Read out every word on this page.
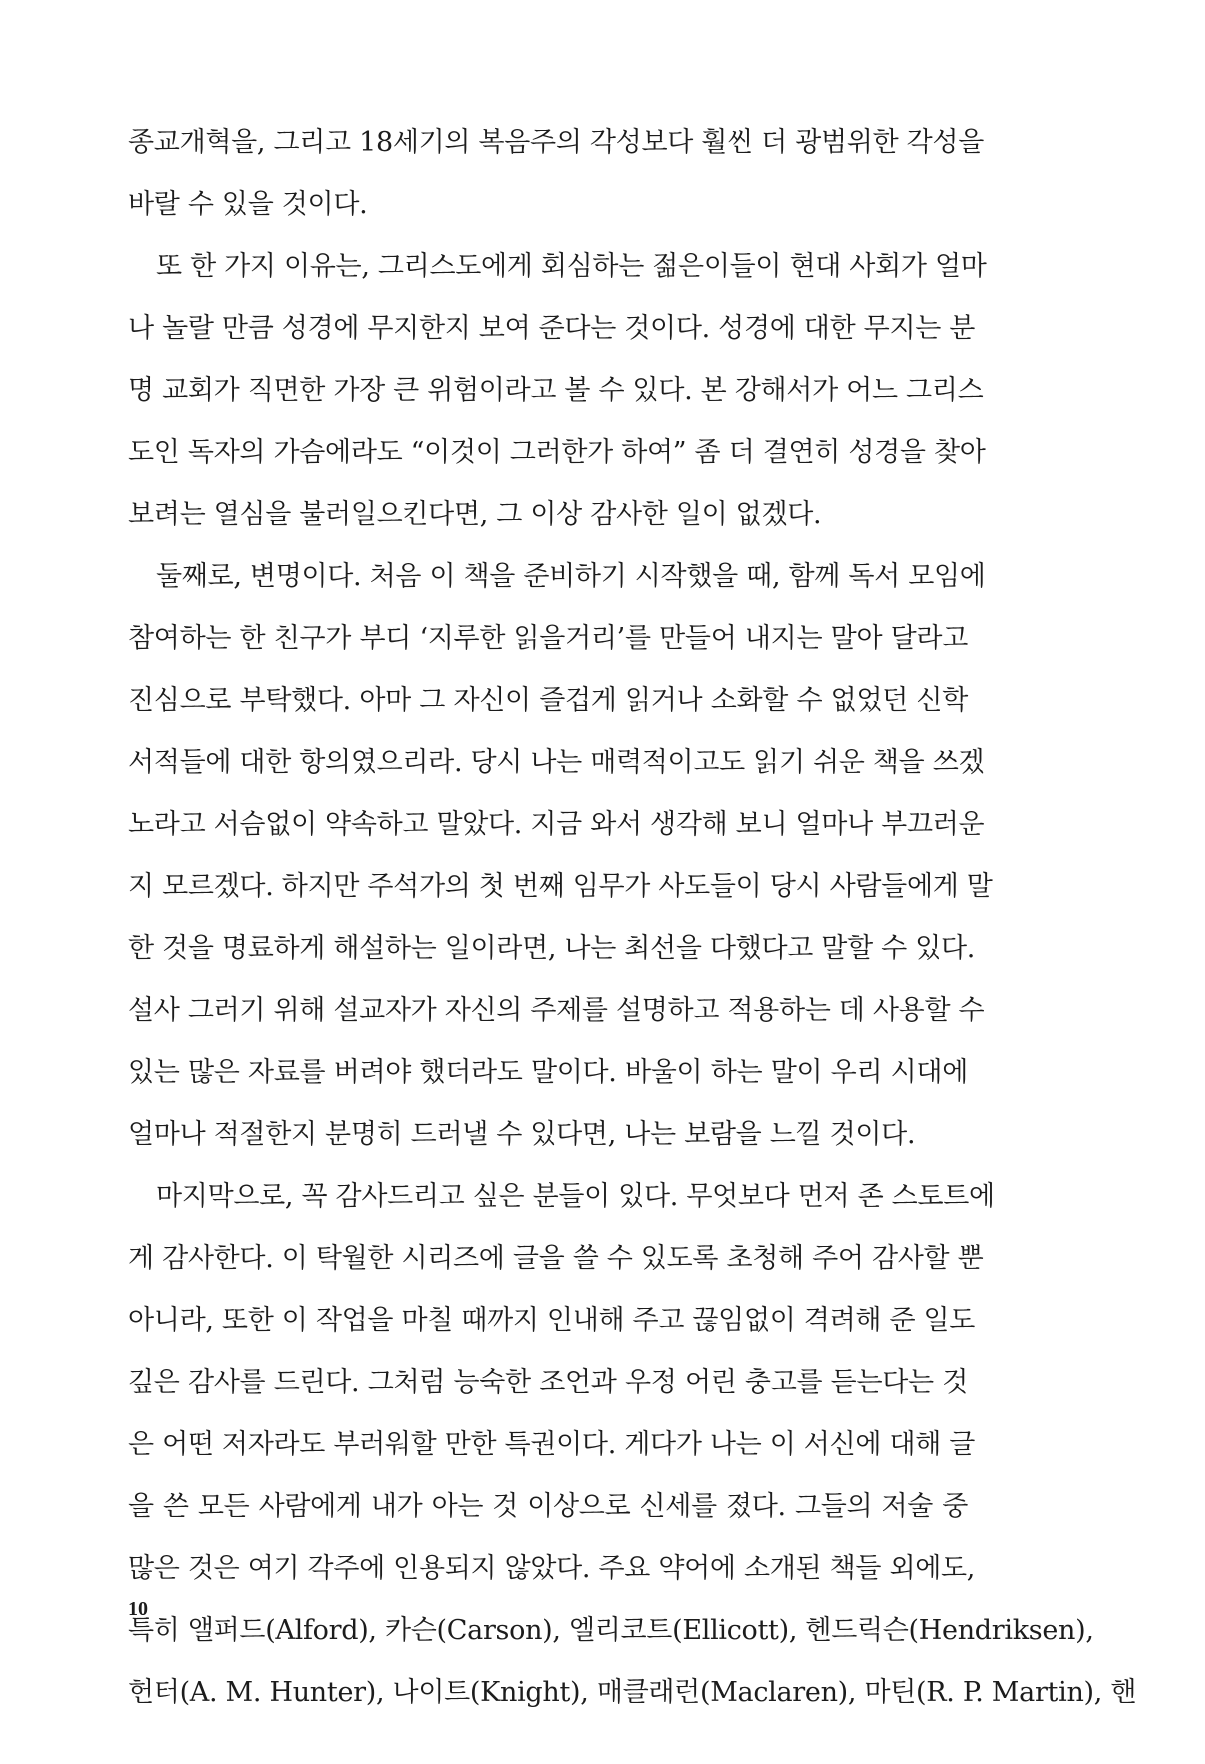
종교개혁을, 그리고 18세기의 복음주의 각성보다 훨씬 더 광범위한 각성을
바랄 수 있을 것이다.

또 한 가지 이유는, 그리스도에게 회심하는 젊은이들이 현대 사회가 얼마
나 놀랄 만큼 성경에 무지한지 보여 준다는 것이다. 성경에 대한 무지는 분
명 교회가 직면한 가장 큰 위험이라고 볼 수 있다. 본 강해서가 어느 그리스
도인 독자의 가슴에라도 “이것이 그러한가 하여” 좀 더 결연히 성경을 찾아
보려는 열심을 불러일으킨다면, 그 이상 감사한 일이 없겠다.

둘째로, 변명이다. 처음 이 책을 준비하기 시작했을 때, 함께 독서 모임에
참여하는 한 친구가 부디 ‘지루한 읽을거리’를 만들어 내지는 말아 달라고
진심으로 부탁했다. 아마 그 자신이 즐겁게 읽거나 소화할 수 없었던 신학
서적들에 대한 항의였으리라. 당시 나는 매력적이고도 읽기 쉬운 책을 쓰겠
노라고 서슴없이 약속하고 말았다. 지금 와서 생각해 보니 얼마나 부끄러운
지 모르겠다. 하지만 주석가의 첫 번째 임무가 사도들이 당시 사람들에게 말
한 것을 명료하게 해설하는 일이라면, 나는 최선을 다했다고 말할 수 있다.
설사 그러기 위해 설교자가 자신의 주제를 설명하고 적용하는 데 사용할 수
있는 많은 자료를 버려야 했더라도 말이다. 바울이 하는 말이 우리 시대에
얼마나 적절한지 분명히 드러낼 수 있다면, 나는 보람을 느낄 것이다.

마지막으로, 꼭 감사드리고 싶은 분들이 있다. 무엇보다 먼저 존 스토트에
게 감사한다. 이 탁월한 시리즈에 글을 쓸 수 있도록 초청해 주어 감사할 뿐
아니라, 또한 이 작업을 마칠 때까지 인내해 주고 끊임없이 격려해 준 일도
깊은 감사를 드린다. 그처럼 능숙한 조언과 우정 어린 충고를 듣는다는 것
은 어떤 저자라도 부러워할 만한 특권이다. 게다가 나는 이 서신에 대해 글
을 쓴 모든 사람에게 내가 아는 것 이상으로 신세를 졌다. 그들의 저술 중
많은 것은 여기 각주에 인용되지 않았다. 주요 약어에 소개된 책들 외에도,
특히 앨퍼드(Alford), 카슨(Carson), 엘리코트(Ellicott), 헨드릭슨(Hendriksen),
헌터(A. M. Hunter), 나이트(Knight), 매클래런(Maclaren), 마틴(R. P. Martin), 핸

10
